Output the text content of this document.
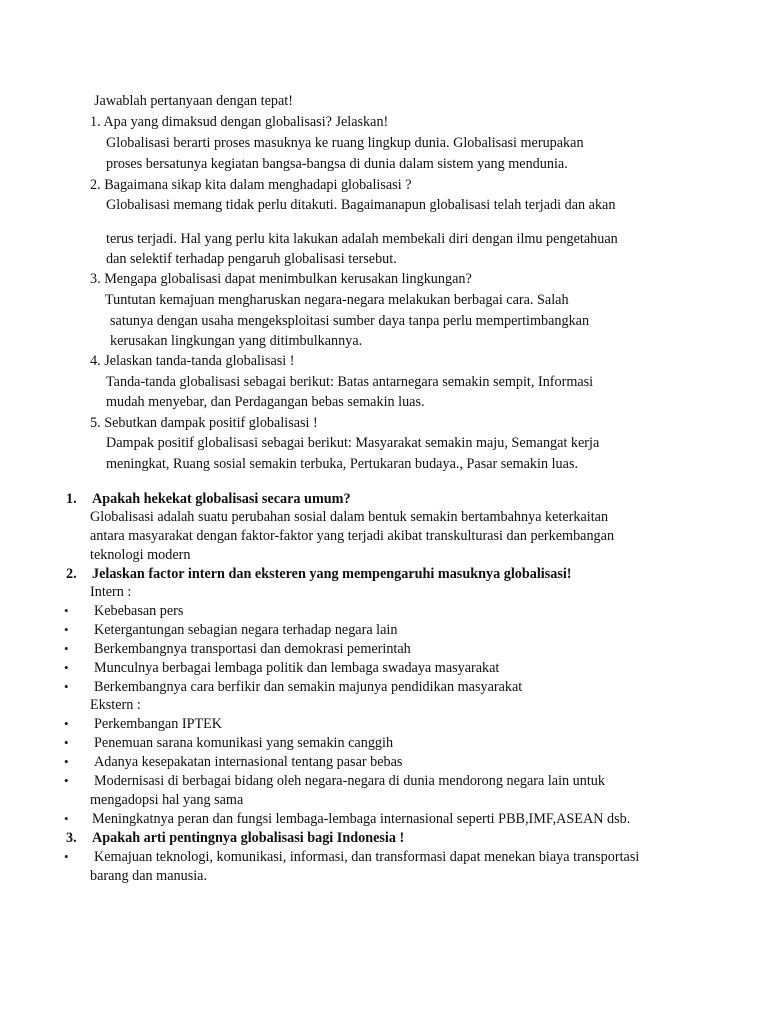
Jawablah pertanyaan dengan tepat!
1. Apa yang dimaksud dengan globalisasi? Jelaskan!
Globalisasi berarti proses masuknya ke ruang lingkup dunia. Globalisasi merupakan
proses bersatunya kegiatan bangsa-bangsa di dunia dalam sistem yang mendunia.
2. Bagaimana sikap kita dalam menghadapi globalisasi ?
Globalisasi memang tidak perlu ditakuti. Bagaimanapun globalisasi telah terjadi dan akan
terus terjadi. Hal yang perlu kita lakukan adalah membekali diri dengan ilmu pengetahuan
dan selektif terhadap pengaruh globalisasi tersebut.
3. Mengapa globalisasi dapat menimbulkan kerusakan lingkungan?
Tuntutan kemajuan mengharuskan negara-negara melakukan berbagai cara. Salah
satunya dengan usaha mengeksploitasi sumber daya tanpa perlu mempertimbangkan
kerusakan lingkungan yang ditimbulkannya.
4. Jelaskan tanda-tanda globalisasi !
Tanda-tanda globalisasi sebagai berikut: Batas antarnegara semakin sempit, Informasi
mudah menyebar, dan Perdagangan bebas semakin luas.
5. Sebutkan dampak positif globalisasi !
Dampak positif globalisasi sebagai berikut: Masyarakat semakin maju, Semangat kerja
meningkat, Ruang sosial semakin terbuka, Pertukaran budaya., Pasar semakin luas.
1. Apakah hekekat globalisasi secara umum?
Globalisasi adalah suatu perubahan sosial dalam bentuk semakin bertambahnya keterkaitan
antara masyarakat dengan faktor-faktor yang terjadi akibat transkulturasi dan perkembangan
teknologi modern
2. Jelaskan factor intern dan eksteren yang mempengaruhi masuknya globalisasi!
Intern :
• Kebebasan pers
• Ketergantungan sebagian negara terhadap negara lain
• Berkembangnya transportasi dan demokrasi pemerintah
• Munculnya berbagai lembaga politik dan lembaga swadaya masyarakat
• Berkembangnya cara berfikir dan semakin majunya pendidikan masyarakat
Ekstern :
• Perkembangan IPTEK
• Penemuan sarana komunikasi yang semakin canggih
• Adanya kesepakatan internasional tentang pasar bebas
• Modernisasi di berbagai bidang oleh negara-negara di dunia mendorong negara lain untuk
mengadopsi hal yang sama
• Meningkatnya peran dan fungsi lembaga-lembaga internasional seperti PBB,IMF,ASEAN dsb.
3. Apakah arti pentingnya globalisasi bagi Indonesia !
• Kemajuan teknologi, komunikasi, informasi, dan transformasi dapat menekan biaya transportasi
barang dan manusia.
